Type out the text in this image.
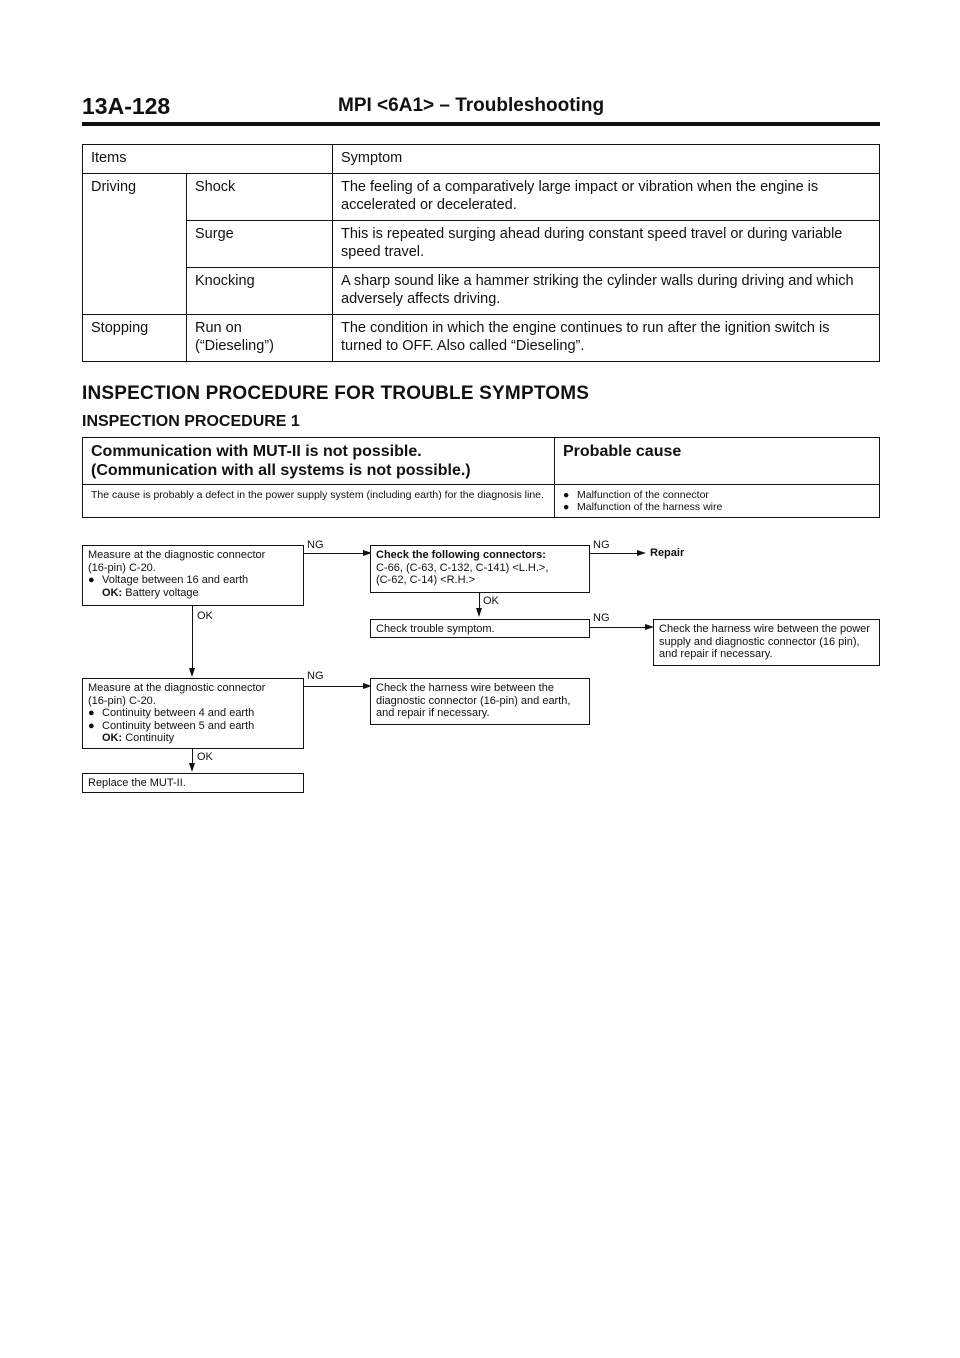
13A-128	MPI <6A1> – Troubleshooting
Items		Symptom
Driving	Shock	The feeling of a comparatively large impact or vibration when the engine is accelerated or decelerated.
	Surge	This is repeated surging ahead during constant speed travel or during variable speed travel.
	Knocking	A sharp sound like a hammer striking the cylinder walls during driving and which adversely affects driving.
Stopping	Run on (“Dieseling”)	The condition in which the engine continues to run after the ignition switch is turned to OFF. Also called “Dieseling”.
INSPECTION PROCEDURE FOR TROUBLE SYMPTOMS
INSPECTION PROCEDURE 1
Communication with MUT-II is not possible.
(Communication with all systems is not possible.)	Probable cause
The cause is probably a defect in the power supply system (including earth) for the diagnosis line.	● Malfunction of the connector
● Malfunction of the harness wire
Measure at the diagnostic connector
(16-pin) C-20.
● Voltage between 16 and earth
OK: Battery voltage
NG
Check the following connectors:
C-66, (C-63, C-132, C-141) <L.H.>,
(C-62, C-14) <R.H.>
NG
Repair
OK
Check trouble symptom.
NG
Check the harness wire between the power supply and diagnostic connector (16 pin), and repair if necessary.
OK
Measure at the diagnostic connector
(16-pin) C-20.
● Continuity between 4 and earth
● Continuity between 5 and earth
OK: Continuity
NG
Check the harness wire between the diagnostic connector (16-pin) and earth, and repair if necessary.
OK
Replace the MUT-II.
